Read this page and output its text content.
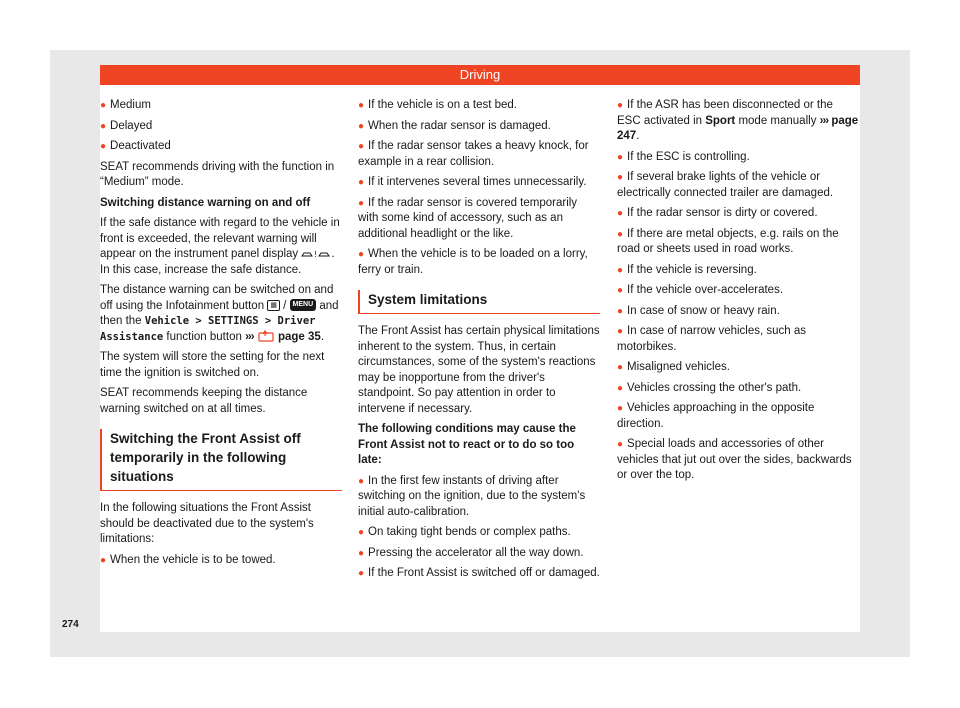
Driving
● Medium
● Delayed
● Deactivated

SEAT recommends driving with the function in “Medium” mode.

Switching distance warning on and off

If the safe distance with regard to the vehicle in front is exceeded, the relevant warning will appear on the instrument panel display ! . In this case, increase the safe distance.

The distance warning can be switched on and off using the Infotainment button ▦ / MENU and then the Vehicle > SETTINGS > Driver Assistance function button ››› page 35.

The system will store the setting for the next time the ignition is switched on.

SEAT recommends keeping the distance warning switched on at all times.

Switching the Front Assist off temporarily in the following situations

In the following situations the Front Assist should be deactivated due to the system's limitations:

● When the vehicle is to be towed.
● If the vehicle is on a test bed.
● When the radar sensor is damaged.
● If the radar sensor takes a heavy knock, for example in a rear collision.
● If it intervenes several times unnecessarily.
● If the radar sensor is covered temporarily with some kind of accessory, such as an additional headlight or the like.
● When the vehicle is to be loaded on a lorry, ferry or train.
System limitations

The Front Assist has certain physical limitations inherent to the system. Thus, in certain circumstances, some of the system's reactions may be inopportune from the driver's standpoint. So pay attention in order to intervene if necessary.

The following conditions may cause the Front Assist not to react or to do so too late:

● In the first few instants of driving after switching on the ignition, due to the system's initial auto-calibration.
● On taking tight bends or complex paths.
● Pressing the accelerator all the way down.
● If the Front Assist is switched off or damaged.
● If the ASR has been disconnected or the ESC activated in Sport mode manually ››› page 247.
● If the ESC is controlling.
● If several brake lights of the vehicle or electrically connected trailer are damaged.
● If the radar sensor is dirty or covered.
● If there are metal objects, e.g. rails on the road or sheets used in road works.
● If the vehicle is reversing.
● If the vehicle over-accelerates.
● In case of snow or heavy rain.
● In case of narrow vehicles, such as motorbikes.
● Misaligned vehicles.
● Vehicles crossing the other's path.
● Vehicles approaching in the opposite direction.
● Special loads and accessories of other vehicles that jut out over the sides, backwards or over the top.
274
